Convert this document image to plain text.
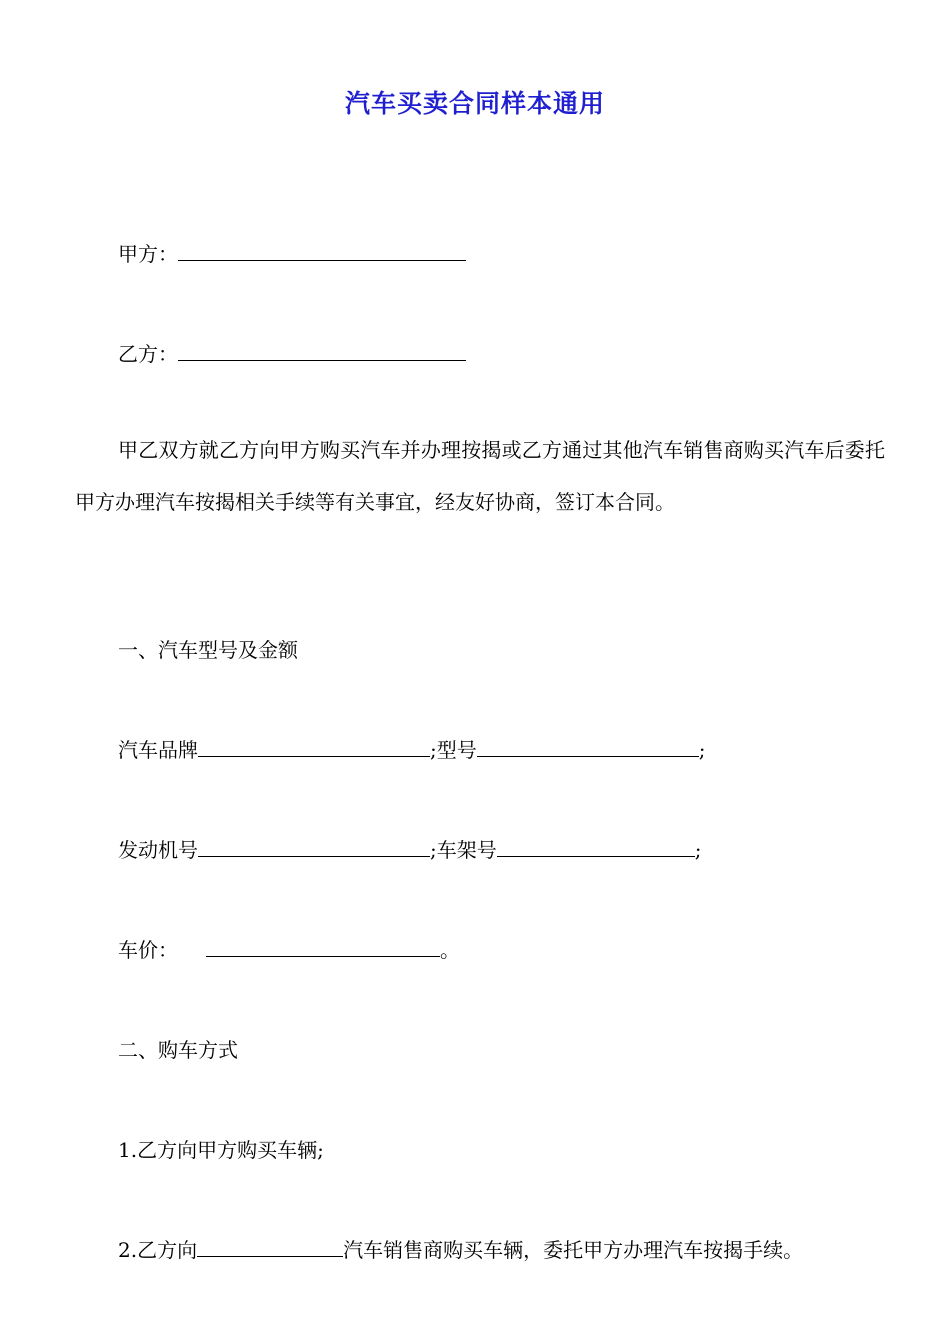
汽车买卖合同样本通用
甲方：
乙方：
甲乙双方就乙方向甲方购买汽车并办理按揭或乙方通过其他汽车销售商购买汽车后委托甲方办理汽车按揭相关手续等有关事宜，经友好协商，签订本合同。
一、汽车型号及金额
汽车品牌	;型号	;
发动机号	;车架号	;
车价：	。
二、购车方式
1.乙方向甲方购买车辆;
2.乙方向	汽车销售商购买车辆，委托甲方办理汽车按揭手续。
